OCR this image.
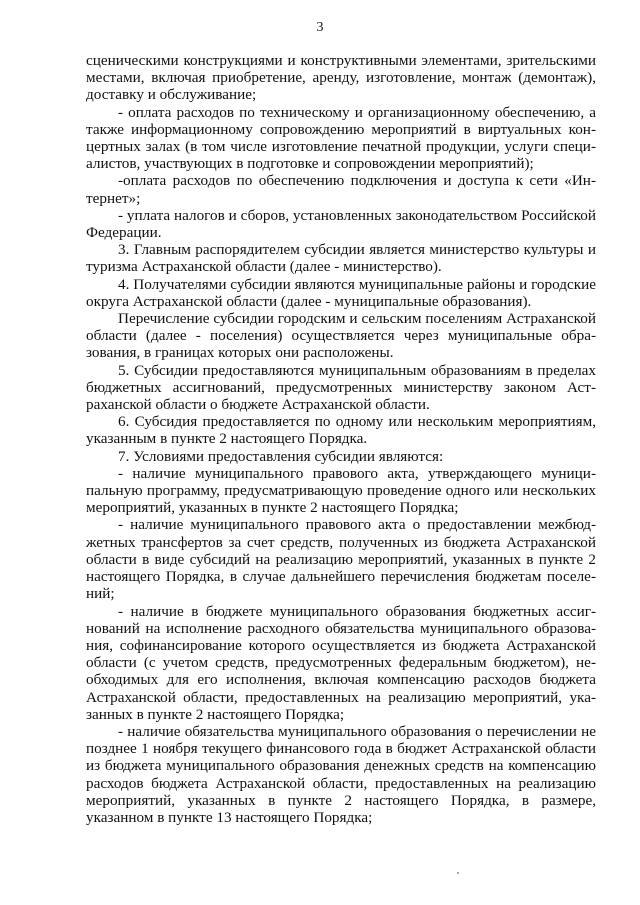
3

сценическими конструкциями и конструктивными элементами, зрительскими местами, включая приобретение, аренду, изготовление, монтаж (демонтаж), доставку и обслуживание;

- оплата расходов по техническому и организационному обеспечению, а также информационному сопровождению мероприятий в виртуальных концертных залах (в том числе изготовление печатной продукции, услуги специалистов, участвующих в подготовке и сопровождении мероприятий);

-оплата расходов по обеспечению подключения и доступа к сети «Интернет»;

- уплата налогов и сборов, установленных законодательством Российской Федерации.

3. Главным распорядителем субсидии является министерство культуры и туризма Астраханской области (далее - министерство).

4. Получателями субсидии являются муниципальные районы и городские округа Астраханской области (далее - муниципальные образования).

Перечисление субсидии городским и сельским поселениям Астраханской области (далее - поселения) осуществляется через муниципальные образования, в границах которых они расположены.

5. Субсидии предоставляются муниципальным образованиям в пределах бюджетных ассигнований, предусмотренных министерству законом Астраханской области о бюджете Астраханской области.

6. Субсидия предоставляется по одному или нескольким мероприятиям, указанным в пункте 2 настоящего Порядка.

7. Условиями предоставления субсидии являются:

- наличие муниципального правового акта, утверждающего муниципальную программу, предусматривающую проведение одного или нескольких мероприятий, указанных в пункте 2 настоящего Порядка;

- наличие муниципального правового акта о предоставлении межбюджетных трансфертов за счет средств, полученных из бюджета Астраханской области в виде субсидий на реализацию мероприятий, указанных в пункте 2 настоящего Порядка, в случае дальнейшего перечисления бюджетам поселений;

- наличие в бюджете муниципального образования бюджетных ассигнований на исполнение расходного обязательства муниципального образования, софинансирование которого осуществляется из бюджета Астраханской области (с учетом средств, предусмотренных федеральным бюджетом), необходимых для его исполнения, включая компенсацию расходов бюджета Астраханской области, предоставленных на реализацию мероприятий, указанных в пункте 2 настоящего Порядка;

- наличие обязательства муниципального образования о перечислении не позднее 1 ноября текущего финансового года в бюджет Астраханской области из бюджета муниципального образования денежных средств на компенсацию расходов бюджета Астраханской области, предоставленных на реализацию мероприятий, указанных в пункте 2 настоящего Порядка, в размере, указанном в пункте 13 настоящего Порядка;
